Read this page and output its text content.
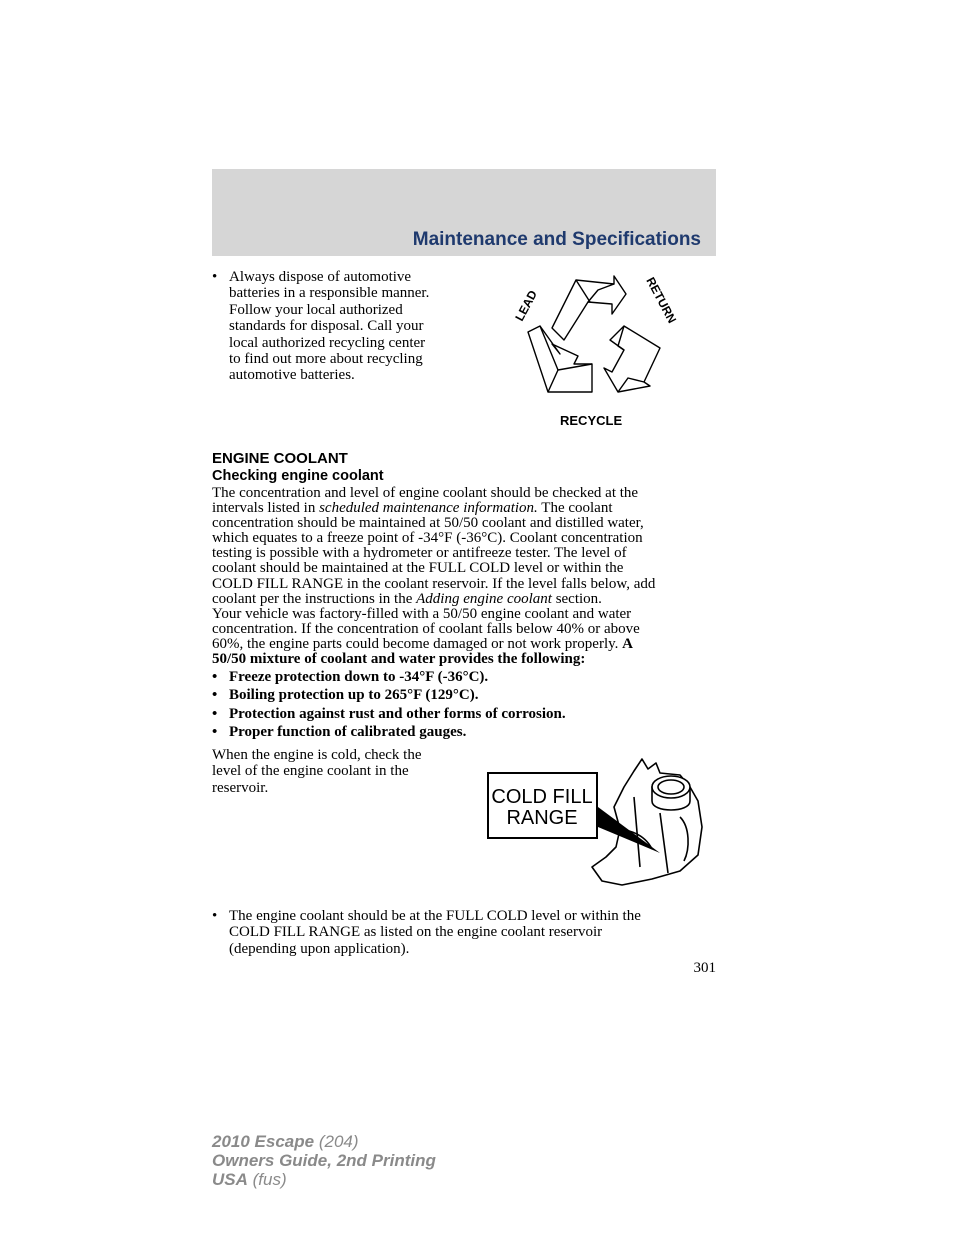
Maintenance and Specifications
• Always dispose of automotive
batteries in a responsible manner.
Follow your local authorized
standards for disposal. Call your
local authorized recycling center
to find out more about recycling
automotive batteries.
LEAD	RETURN
RECYCLE
ENGINE COOLANT
Checking engine coolant
The concentration and level of engine coolant should be checked at the
intervals listed in scheduled maintenance information. The coolant
concentration should be maintained at 50/50 coolant and distilled water,
which equates to a freeze point of -34°F (-36°C). Coolant concentration
testing is possible with a hydrometer or antifreeze tester. The level of
coolant should be maintained at the FULL COLD level or within the
COLD FILL RANGE in the coolant reservoir. If the level falls below, add
coolant per the instructions in the Adding engine coolant section.
Your vehicle was factory-filled with a 50/50 engine coolant and water
concentration. If the concentration of coolant falls below 40% or above
60%, the engine parts could become damaged or not work properly. A
50/50 mixture of coolant and water provides the following:
• Freeze protection down to -34°F (-36°C).
• Boiling protection up to 265°F (129°C).
• Protection against rust and other forms of corrosion.
• Proper function of calibrated gauges.
When the engine is cold, check the
level of the engine coolant in the
reservoir.	COLD FILL
RANGE
• The engine coolant should be at the FULL COLD level or within the
COLD FILL RANGE as listed on the engine coolant reservoir
(depending upon application).
301
2010 Escape (204)
Owners Guide, 2nd Printing
USA (fus)
